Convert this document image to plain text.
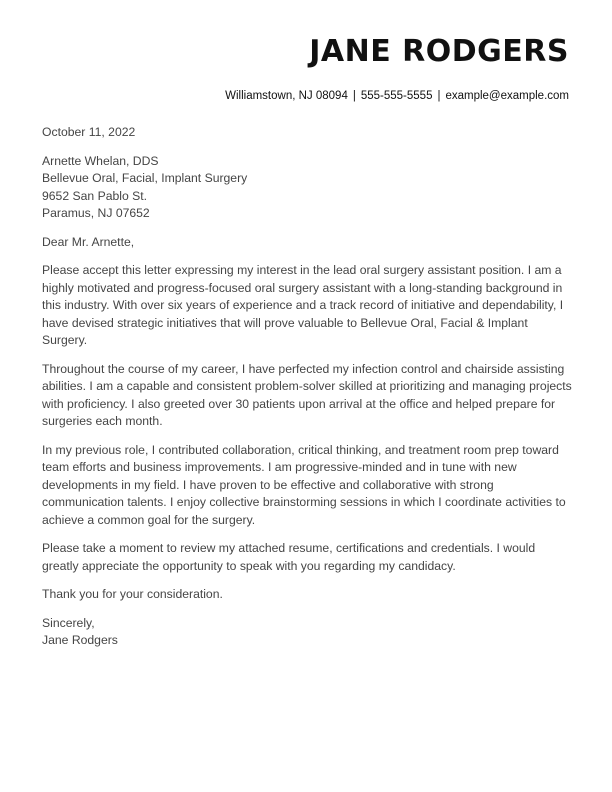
JANE RODGERS
Williamstown, NJ 08094 | 555-555-5555 | example@example.com

October 11, 2022

Arnette Whelan, DDS
Bellevue Oral, Facial, Implant Surgery
9652 San Pablo St.
Paramus, NJ 07652

Dear Mr. Arnette,

Please accept this letter expressing my interest in the lead oral surgery assistant position. I am a highly motivated and progress-focused oral surgery assistant with a long-standing background in this industry. With over six years of experience and a track record of initiative and dependability, I have devised strategic initiatives that will prove valuable to Bellevue Oral, Facial & Implant Surgery.

Throughout the course of my career, I have perfected my infection control and chairside assisting abilities. I am a capable and consistent problem-solver skilled at prioritizing and managing projects with proficiency. I also greeted over 30 patients upon arrival at the office and helped prepare for surgeries each month.

In my previous role, I contributed collaboration, critical thinking, and treatment room prep toward team efforts and business improvements. I am progressive-minded and in tune with new developments in my field. I have proven to be effective and collaborative with strong communication talents. I enjoy collective brainstorming sessions in which I coordinate activities to achieve a common goal for the surgery.

Please take a moment to review my attached resume, certifications and credentials. I would greatly appreciate the opportunity to speak with you regarding my candidacy.

Thank you for your consideration.

Sincerely,
Jane Rodgers
